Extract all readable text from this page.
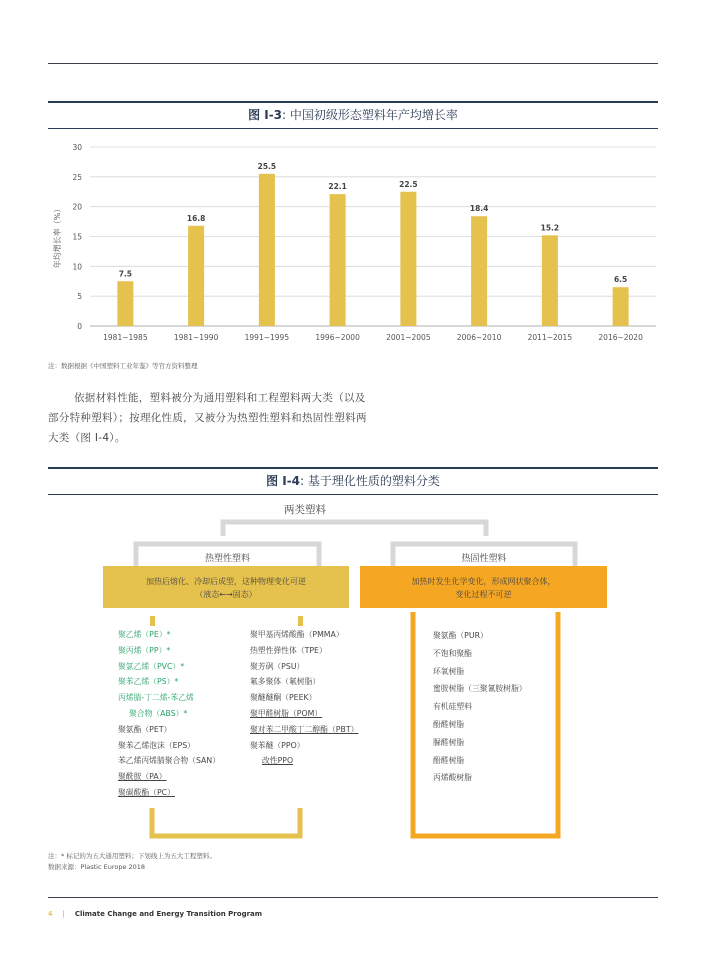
图 I-3: 中国初级形态塑料年产均增长率
0
5
10
15
20
25
30
7.5
16.8
25.5
22.1	22.5
18.4
15.2
6.5
1981~1985	1981~1990	1991~1995	1996~2000	2001~2005	2006~2010	2011~2015	2016~2020
年均增长率（%）
注：数据根据《中国塑料工业年鉴》等官方资料整理
依据材料性能，塑料被分为通用塑料和工程塑料两大类（以及部分特种塑料）；按理化性质，又被分为热塑性塑料和热固性塑料两大类（图 I-4）。
图 I-4: 基于理化性质的塑料分类
两类塑料
热塑性塑料	热固性塑料
加热后熔化、冷却后成型，这种物理变化可逆
（液态←→固态）
加热时发生化学变化，形成网状聚合体，
变化过程不可逆
聚乙烯（PE）*
聚丙烯（PP）*
聚氯乙烯（PVC）*
聚苯乙烯（PS）*
丙烯腈-丁二烯-苯乙烯
聚合物（ABS）*
聚氨酯（PET）
聚苯乙烯泡沫（EPS）
苯乙烯丙烯腈聚合物（SAN）
聚酰胺（PA）
聚碳酸酯（PC）
聚甲基丙烯酸酯（PMMA）
热塑性弹性体（TPE）
聚芳砜（PSU）
氟多聚体（氟树脂）
聚醚醚酮（PEEK）
聚甲醛树脂（POM）
聚对苯二甲酸丁二醇酯（PBT）
聚苯醚（PPO）
改性PPO
聚氨酯（PUR）
不饱和聚酯
环氧树脂
蜜胺树脂（三聚氰胺树脂）
有机硅塑料
酚醛树脂
脲醛树脂
酚醛树脂
丙烯酸树脂
注：* 标记的为五大通用塑料；下划线上为五大工程塑料。
数据来源：Plastic Europe 2018
4 | Climate Change and Energy Transition Program
